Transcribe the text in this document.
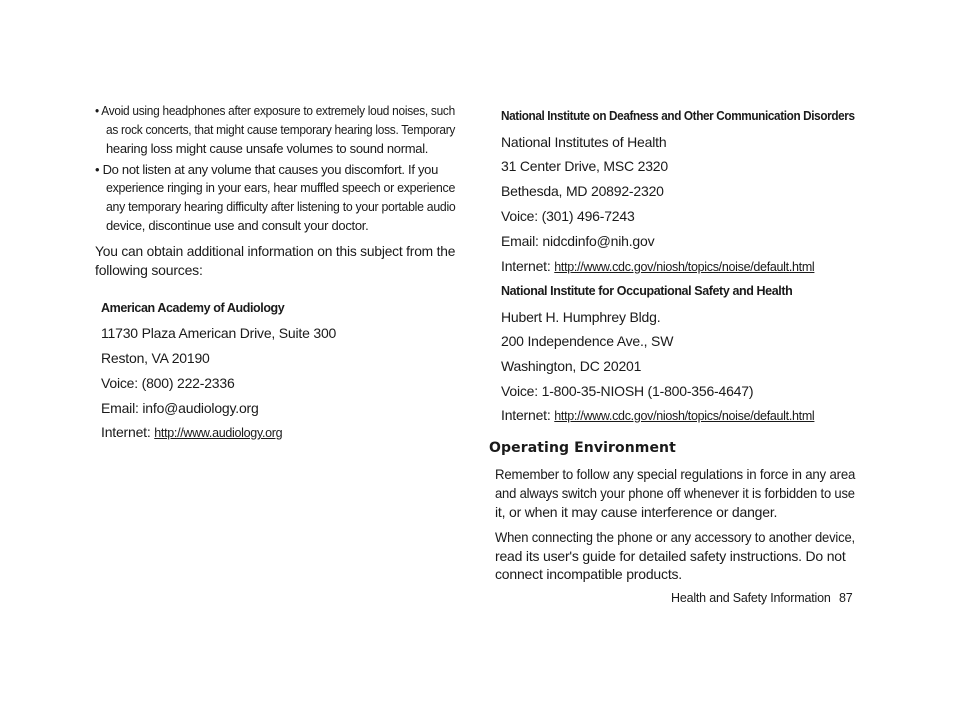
• Avoid using headphones after exposure to extremely loud noises, such
as rock concerts, that might cause temporary hearing loss. Temporary
hearing loss might cause unsafe volumes to sound normal.
• Do not listen at any volume that causes you discomfort. If you
experience ringing in your ears, hear muffled speech or experience
any temporary hearing difficulty after listening to your portable audio
device, discontinue use and consult your doctor.
You can obtain additional information on this subject from the
following sources:
American Academy of Audiology
11730 Plaza American Drive, Suite 300
Reston, VA 20190
Voice: (800) 222-2336
Email: info@audiology.org
Internet: http://www.audiology.org
National Institute on Deafness and Other Communication Disorders
National Institutes of Health
31 Center Drive, MSC 2320
Bethesda, MD 20892-2320
Voice: (301) 496-7243
Email: nidcdinfo@nih.gov
Internet: http://www.cdc.gov/niosh/topics/noise/default.html
National Institute for Occupational Safety and Health
Hubert H. Humphrey Bldg.
200 Independence Ave., SW
Washington, DC 20201
Voice: 1-800-35-NIOSH (1-800-356-4647)
Internet: http://www.cdc.gov/niosh/topics/noise/default.html
Operating Environment
Remember to follow any special regulations in force in any area
and always switch your phone off whenever it is forbidden to use
it, or when it may cause interference or danger.
When connecting the phone or any accessory to another device,
read its user's guide for detailed safety instructions. Do not
connect incompatible products.
Health and Safety Information 87
